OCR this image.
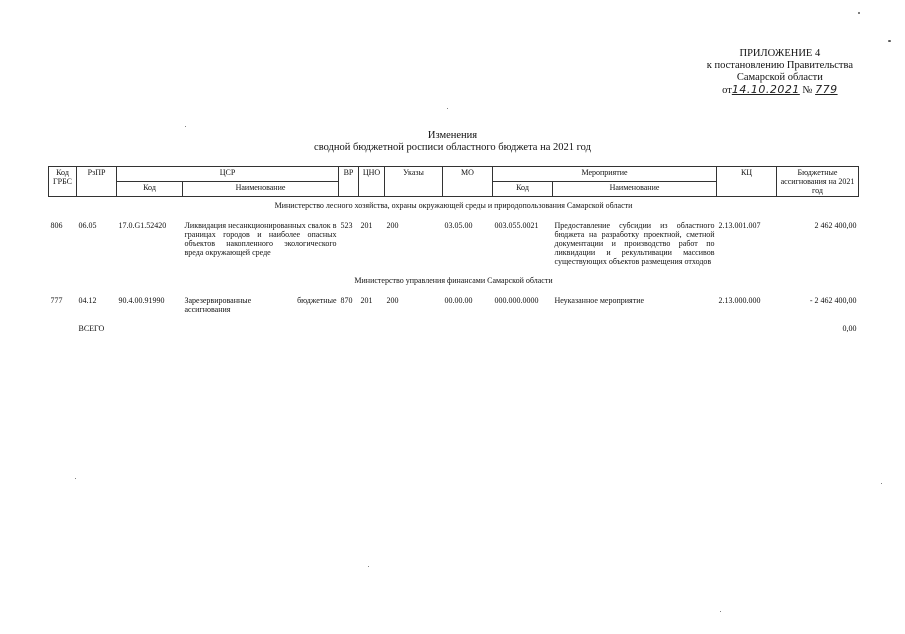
ПРИЛОЖЕНИЕ 4
к постановлению Правительства
Самарской области
от14.10.2021 № 779
Изменения
сводной бюджетной росписи областного бюджета на 2021 год
Код ГРБС	РзПР	ЦСР		ВР	ЦНО	Указы	МО	Мероприятие		КЦ	Бюджетные ассигнования на 2021 год
		Код	Наименование					Код	Наименование		
Министерство лесного хозяйства, охраны окружающей среды и природопользования Самарской области											
806	06.05	17.0.G1.52420	Ликвидация несанкционированных свалок в границах городов и наиболее опасных объектов накопленного экологического вреда окружающей среде	523	201	200	03.05.00	003.055.0021	Предоставление субсидии из областного бюджета на разработку проектной, сметной документации и производство работ по ликвидации и рекультивации массивов существующих объектов размещения отходов	2.13.001.007	2 462 400,00
Министерство управления финансами Самарской области											
777	04.12	90.4.00.91990	Зарезервированные бюджетные ассигнования	870	201	200	00.00.00	000.000.0000	Неуказанное мероприятие	2.13.000.000	- 2 462 400,00
	ВСЕГО										0,00
